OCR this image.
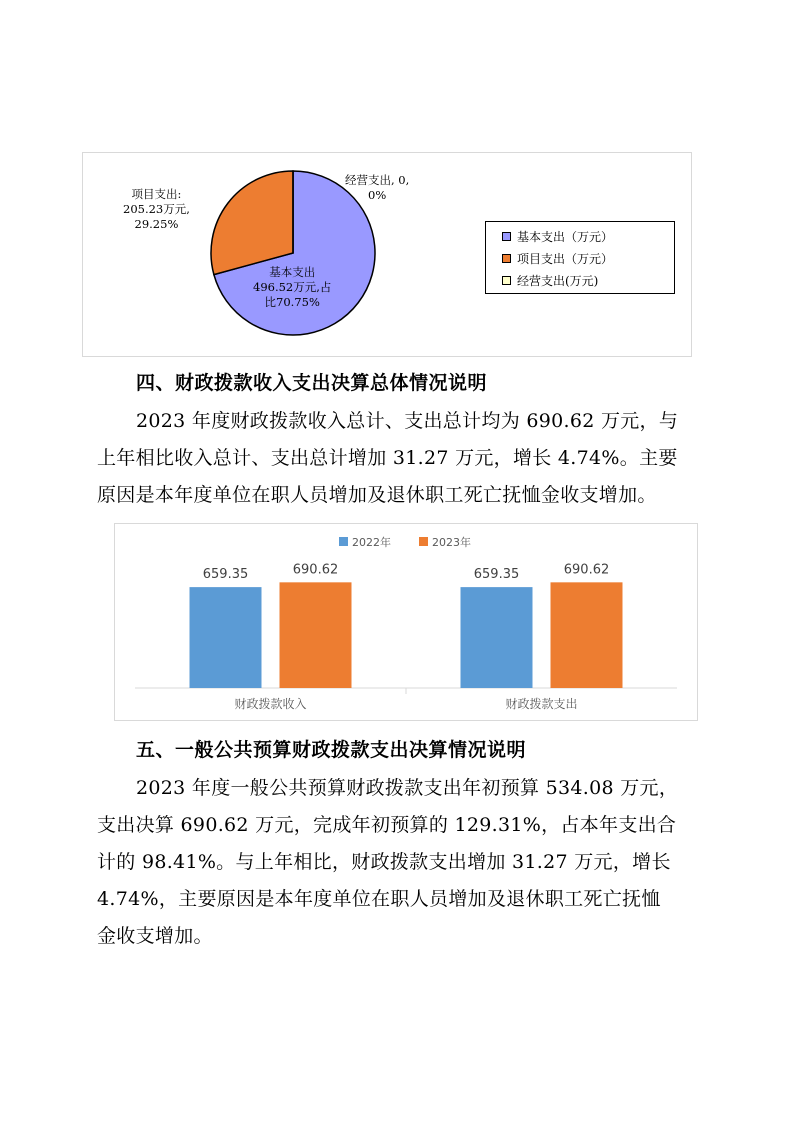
经营支出, 0,
0%
项目支出:
205.23万元,
29.25%
基本支出
496.52万元,占
比70.75%
基本支出（万元）
项目支出（万元）
经营支出(万元)
四、财政拨款收入支出决算总体情况说明
2023 年度财政拨款收入总计、支出总计均为 690.62 万元，与
上年相比收入总计、支出总计增加 31.27 万元，增长 4.74%。主要
原因是本年度单位在职人员增加及退休职工死亡抚恤金收支增加。
659.35	690.62
财政拨款收入
659.35	690.62
财政拨款支出
2022年	2023年
五、一般公共预算财政拨款支出决算情况说明
2023 年度一般公共预算财政拨款支出年初预算 534.08 万元，
支出决算 690.62 万元，完成年初预算的 129.31%，占本年支出合
计的 98.41%。与上年相比，财政拨款支出增加 31.27 万元，增长
4.74%，主要原因是本年度单位在职人员增加及退休职工死亡抚恤
金收支增加。
